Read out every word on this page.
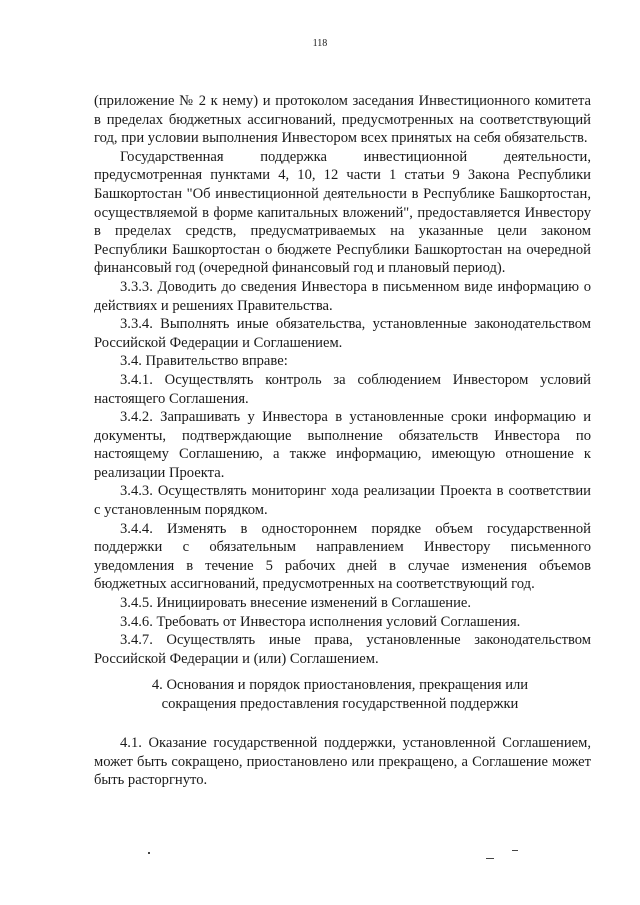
118

(приложение № 2 к нему) и протоколом заседания Инвестиционного комитета в пределах бюджетных ассигнований, предусмотренных на соответствующий год, при условии выполнения Инвестором всех принятых на себя обязательств.

Государственная поддержка инвестиционной деятельности, предусмотренная пунктами 4, 10, 12 части 1 статьи 9 Закона Республики Башкортостан "Об инвестиционной деятельности в Республике Башкортостан, осуществляемой в форме капитальных вложений", предоставляется Инвестору в пределах средств, предусматриваемых на указанные цели законом Республики Башкортостан о бюджете Республики Башкортостан на очередной финансовый год (очередной финансовый год и плановый период).

3.3.3. Доводить до сведения Инвестора в письменном виде информацию о действиях и решениях Правительства.

3.3.4. Выполнять иные обязательства, установленные законодательством Российской Федерации и Соглашением.

3.4. Правительство вправе:

3.4.1. Осуществлять контроль за соблюдением Инвестором условий настоящего Соглашения.

3.4.2. Запрашивать у Инвестора в установленные сроки информацию и документы, подтверждающие выполнение обязательств Инвестора по настоящему Соглашению, а также информацию, имеющую отношение к реализации Проекта.

3.4.3. Осуществлять мониторинг хода реализации Проекта в соответствии с установленным порядком.

3.4.4. Изменять в одностороннем порядке объем государственной поддержки с обязательным направлением Инвестору письменного уведомления в течение 5 рабочих дней в случае изменения объемов бюджетных ассигнований, предусмотренных на соответствующий год.

3.4.5. Инициировать внесение изменений в Соглашение.

3.4.6. Требовать от Инвестора исполнения условий Соглашения.

3.4.7. Осуществлять иные права, установленные законодательством Российской Федерации и (или) Соглашением.

4. Основания и порядок приостановления, прекращения или
сокращения предоставления государственной поддержки

4.1. Оказание государственной поддержки, установленной Соглашением, может быть сокращено, приостановлено или прекращено, а Соглашение может быть расторгнуто.
